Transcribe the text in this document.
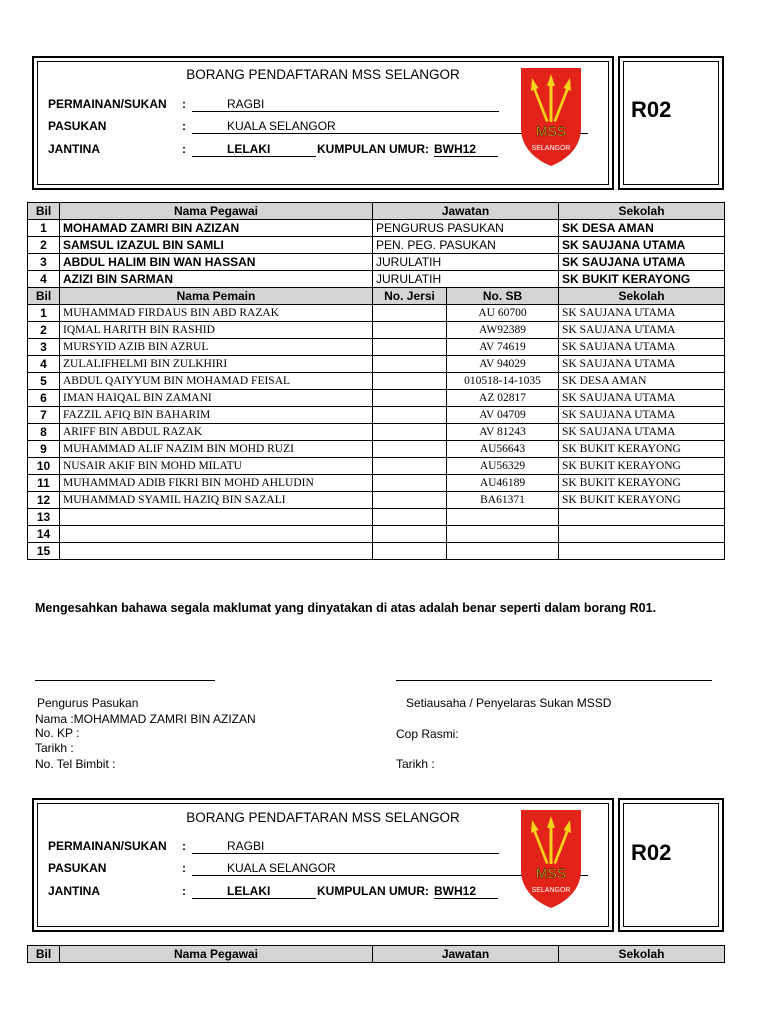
BORANG PENDAFTARAN MSS SELANGOR
PERMAINAN/SUKAN :	RAGBI
PASUKAN	:	KUALA SELANGOR
JANTINA	:	LELAKI	KUMPULAN UMUR: BWH12
MSS
SELANGOR
R02
Bil	Nama Pegawai	Jawatan		Sekolah
1	MOHAMAD ZAMRI BIN AZIZAN	PENGURUS PASUKAN		SK DESA AMAN
2	SAMSUL IZAZUL BIN SAMLI	PEN. PEG. PASUKAN		SK SAUJANA UTAMA
3	ABDUL HALIM BIN WAN HASSAN	JURULATIH		SK SAUJANA UTAMA
4	AZIZI BIN SARMAN	JURULATIH		SK BUKIT KERAYONG
Bil	Nama Pemain	No. Jersi	No. SB	Sekolah
1	MUHAMMAD FIRDAUS BIN ABD RAZAK		AU 60700	SK SAUJANA UTAMA
2	IQMAL HARITH BIN RASHID		AW92389	SK SAUJANA UTAMA
3	MURSYID AZIB BIN AZRUL		AV 74619	SK SAUJANA UTAMA
4	ZULALIFHELMI BIN ZULKHIRI		AV 94029	SK SAUJANA UTAMA
5	ABDUL QAIYYUM BIN MOHAMAD FEISAL		010518-14-1035	SK DESA AMAN
6	IMAN HAIQAL BIN ZAMANI		AZ 02817	SK SAUJANA UTAMA
7	FAZZIL AFIQ BIN BAHARIM		AV 04709	SK SAUJANA UTAMA
8	ARIFF BIN ABDUL RAZAK		AV 81243	SK SAUJANA UTAMA
9	MUHAMMAD ALIF NAZIM BIN MOHD RUZI		AU56643	SK BUKIT KERAYONG
10	NUSAIR AKIF BIN MOHD MILATU		AU56329	SK BUKIT KERAYONG
11	MUHAMMAD ADIB FIKRI BIN MOHD AHLUDIN		AU46189	SK BUKIT KERAYONG
12	MUHAMMAD SYAMIL HAZIQ BIN SAZALI		BA61371	SK BUKIT KERAYONG
13				
14				
15				
Mengesahkan bahawa segala maklumat yang dinyatakan di atas adalah benar seperti dalam borang R01.
Pengurus Pasukan
Nama :MOHAMMAD ZAMRI BIN AZIZAN
No. KP :
Tarikh :
No. Tel Bimbit :
Setiausaha / Penyelaras Sukan MSSD
Cop Rasmi:
Tarikh :
BORANG PENDAFTARAN MSS SELANGOR
PERMAINAN/SUKAN :	RAGBI
PASUKAN	:	KUALA SELANGOR
JANTINA	:	LELAKI	KUMPULAN UMUR: BWH12
MSS
SELANGOR
R02
Bil	Nama Pegawai	Jawatan	Sekolah
